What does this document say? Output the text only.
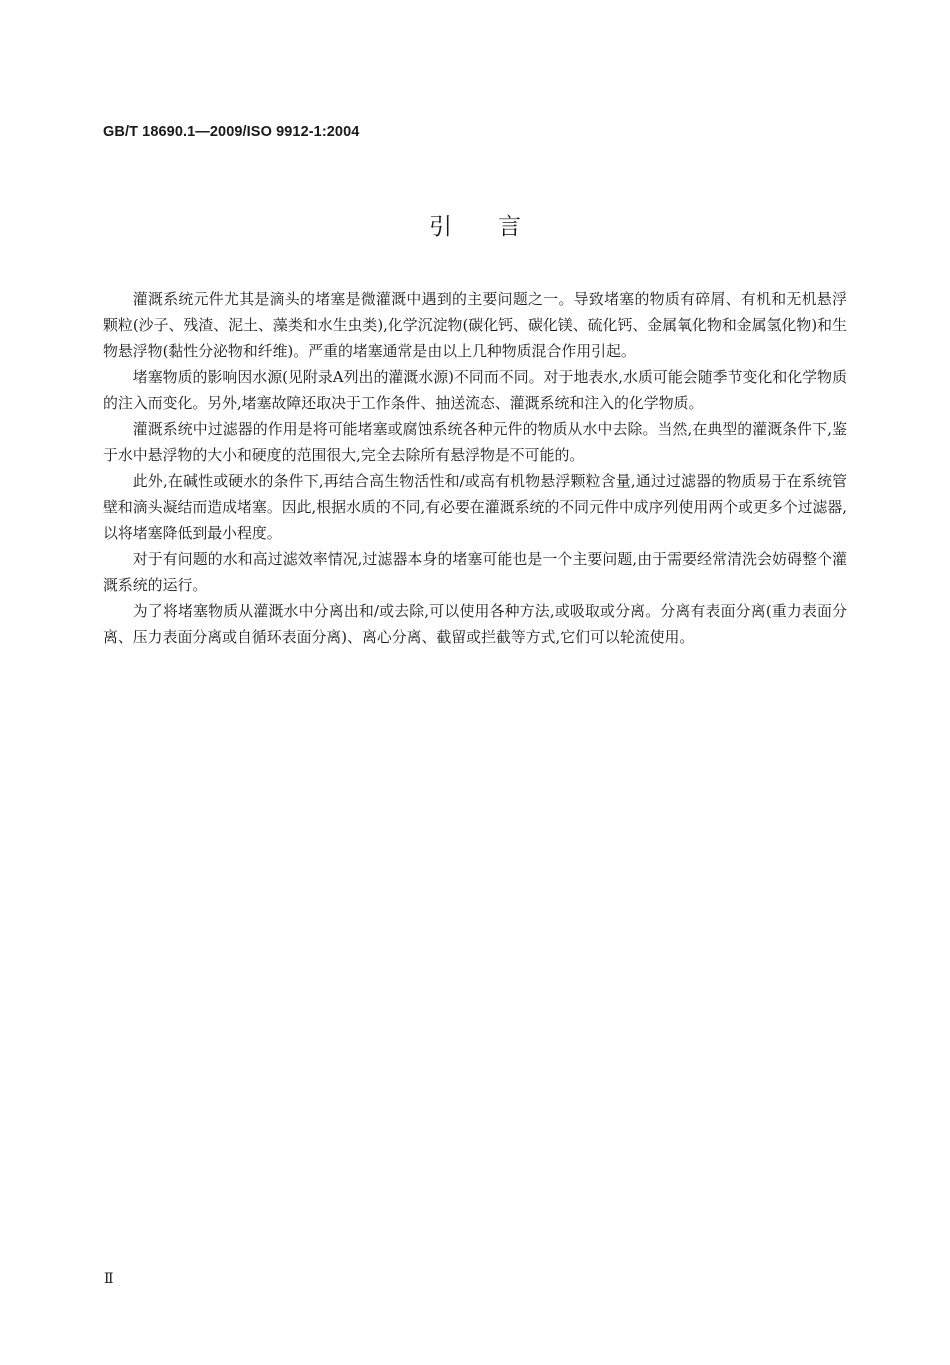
GB/T 18690.1—2009/ISO 9912-1:2004
引言

灌溉系统元件尤其是滴头的堵塞是微灌溉中遇到的主要问题之一。导致堵塞的物质有碎屑、有机和无机悬浮颗粒(沙子、残渣、泥土、藻类和水生虫类),化学沉淀物(碳化钙、碳化镁、硫化钙、金属氧化物和金属氢化物)和生物悬浮物(黏性分泌物和纤维)。严重的堵塞通常是由以上几种物质混合作用引起。

堵塞物质的影响因水源(见附录A列出的灌溉水源)不同而不同。对于地表水,水质可能会随季节变化和化学物质的注入而变化。另外,堵塞故障还取决于工作条件、抽送流态、灌溉系统和注入的化学物质。

灌溉系统中过滤器的作用是将可能堵塞或腐蚀系统各种元件的物质从水中去除。当然,在典型的灌溉条件下,鉴于水中悬浮物的大小和硬度的范围很大,完全去除所有悬浮物是不可能的。

此外,在碱性或硬水的条件下,再结合高生物活性和/或高有机物悬浮颗粒含量,通过过滤器的物质易于在系统管壁和滴头凝结而造成堵塞。因此,根据水质的不同,有必要在灌溉系统的不同元件中成序列使用两个或更多个过滤器,以将堵塞降低到最小程度。

对于有问题的水和高过滤效率情况,过滤器本身的堵塞可能也是一个主要问题,由于需要经常清洗会妨碍整个灌溉系统的运行。

为了将堵塞物质从灌溉水中分离出和/或去除,可以使用各种方法,或吸取或分离。分离有表面分离(重力表面分离、压力表面分离或自循环表面分离)、离心分离、截留或拦截等方式,它们可以轮流使用。

Ⅱ
